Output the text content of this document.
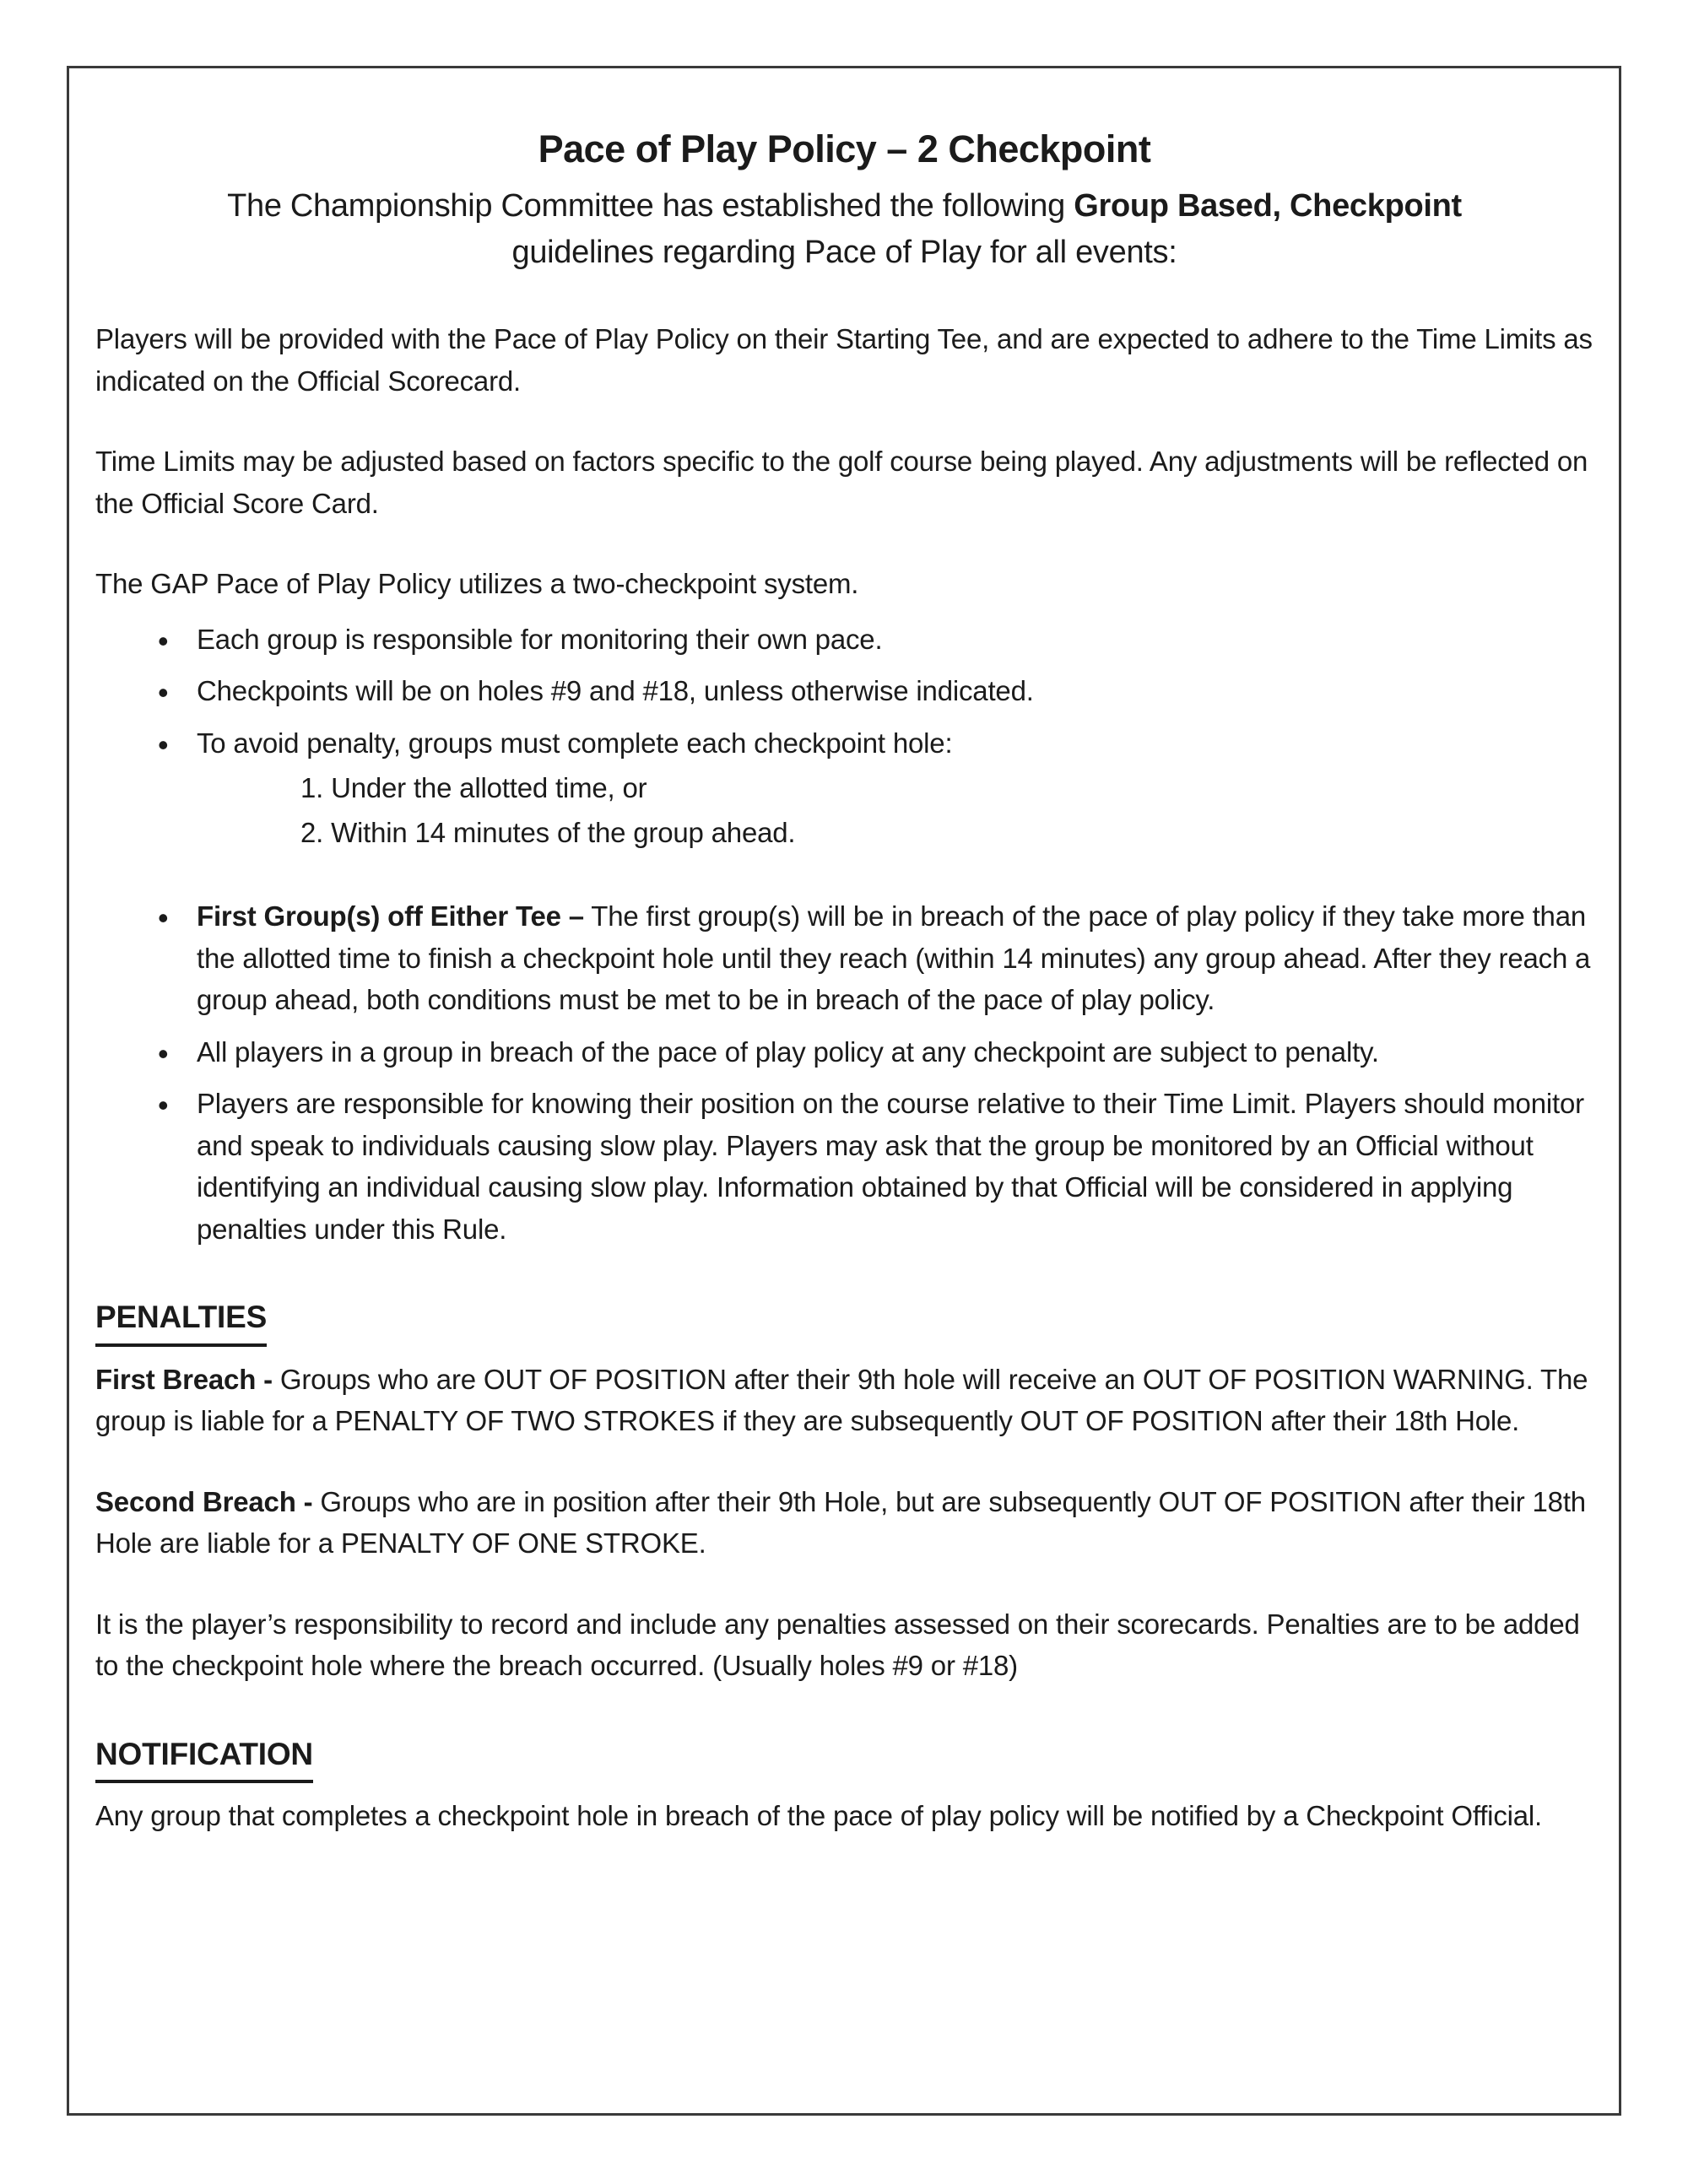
Pace of Play Policy – 2 Checkpoint
The Championship Committee has established the following Group Based, Checkpoint
guidelines regarding Pace of Play for all events:
Players will be provided with the Pace of Play Policy on their Starting Tee, and are expected to adhere to the Time Limits as indicated on the Official Scorecard.
Time Limits may be adjusted based on factors specific to the golf course being played. Any adjustments will be reflected on the Official Score Card.
The GAP Pace of Play Policy utilizes a two-checkpoint system.
• Each group is responsible for monitoring their own pace.
• Checkpoints will be on holes #9 and #18, unless otherwise indicated.
• To avoid penalty, groups must complete each checkpoint hole:
1. Under the allotted time, or
2. Within 14 minutes of the group ahead.
• First Group(s) off Either Tee – The first group(s) will be in breach of the pace of play policy if they take more than the allotted time to finish a checkpoint hole until they reach (within 14 minutes) any group ahead. After they reach a group ahead, both conditions must be met to be in breach of the pace of play policy.
• All players in a group in breach of the pace of play policy at any checkpoint are subject to penalty.
• Players are responsible for knowing their position on the course relative to their Time Limit. Players should monitor and speak to individuals causing slow play. Players may ask that the group be monitored by an Official without identifying an individual causing slow play. Information obtained by that Official will be considered in applying penalties under this Rule.
PENALTIES
First Breach - Groups who are OUT OF POSITION after their 9th hole will receive an OUT OF POSITION WARNING. The group is liable for a PENALTY OF TWO STROKES if they are subsequently OUT OF POSITION after their 18th Hole.
Second Breach - Groups who are in position after their 9th Hole, but are subsequently OUT OF POSITION after their 18th Hole are liable for a PENALTY OF ONE STROKE.
It is the player’s responsibility to record and include any penalties assessed on their scorecards. Penalties are to be added to the checkpoint hole where the breach occurred. (Usually holes #9 or #18)
NOTIFICATION
Any group that completes a checkpoint hole in breach of the pace of play policy will be notified by a Checkpoint Official.
